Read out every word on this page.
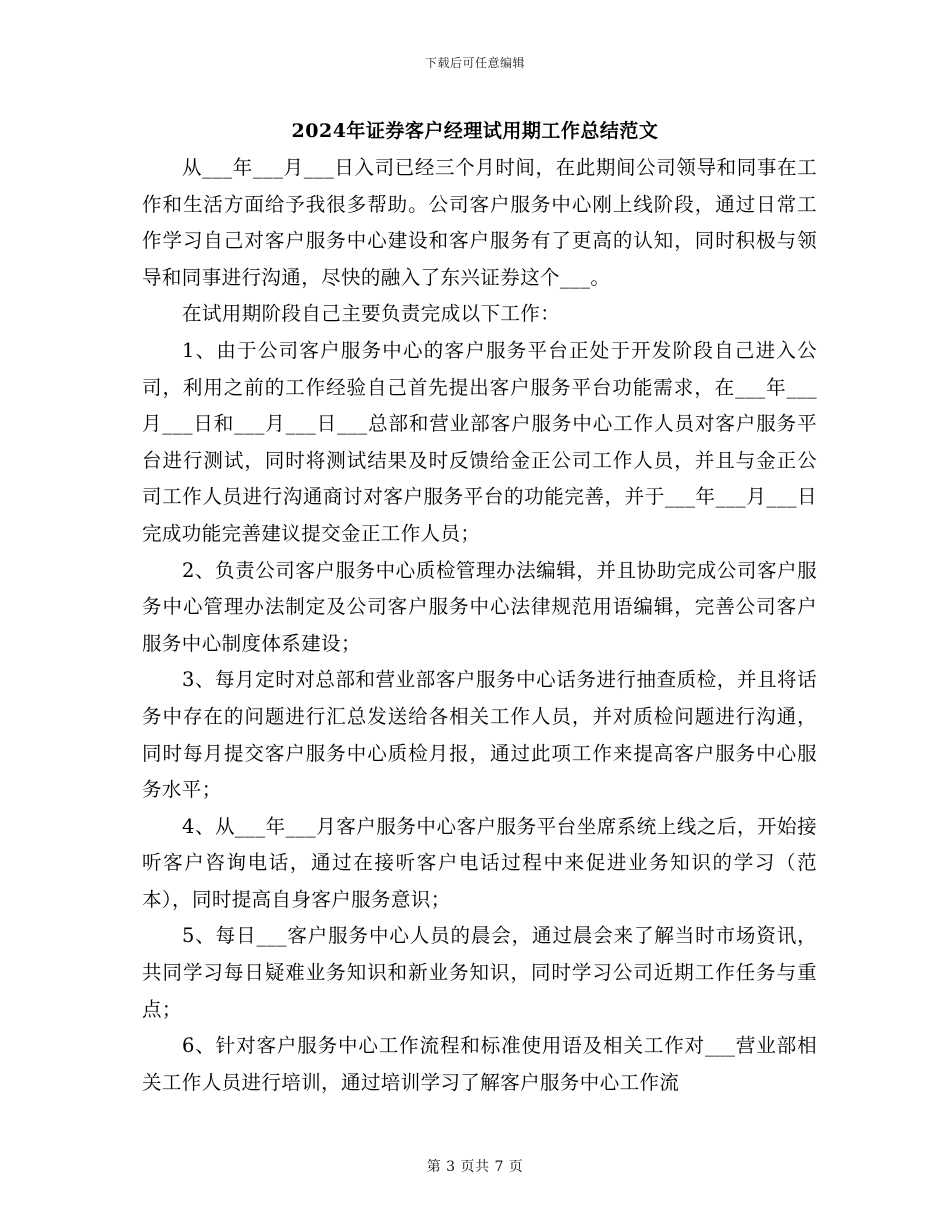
下载后可任意编辑
2024年证券客户经理试用期工作总结范文

从___年___月___日入司已经三个月时间，在此期间公司领导和同事在工作和生活方面给予我很多帮助。公司客户服务中心刚上线阶段，通过日常工作学习自己对客户服务中心建设和客户服务有了更高的认知，同时积极与领导和同事进行沟通，尽快的融入了东兴证券这个___。

在试用期阶段自己主要负责完成以下工作：

1、由于公司客户服务中心的客户服务平台正处于开发阶段自己进入公司，利用之前的工作经验自己首先提出客户服务平台功能需求，在___年___月___日和___月___日___总部和营业部客户服务中心工作人员对客户服务平台进行测试，同时将测试结果及时反馈给金正公司工作人员，并且与金正公司工作人员进行沟通商讨对客户服务平台的功能完善，并于___年___月___日完成功能完善建议提交金正工作人员；

2、负责公司客户服务中心质检管理办法编辑，并且协助完成公司客户服务中心管理办法制定及公司客户服务中心法律规范用语编辑，完善公司客户服务中心制度体系建设；

3、每月定时对总部和营业部客户服务中心话务进行抽查质检，并且将话务中存在的问题进行汇总发送给各相关工作人员，并对质检问题进行沟通，同时每月提交客户服务中心质检月报，通过此项工作来提高客户服务中心服务水平；

4、从___年___月客户服务中心客户服务平台坐席系统上线之后，开始接听客户咨询电话，通过在接听客户电话过程中来促进业务知识的学习（范本），同时提高自身客户服务意识；

5、每日___客户服务中心人员的晨会，通过晨会来了解当时市场资讯，共同学习每日疑难业务知识和新业务知识，同时学习公司近期工作任务与重点；

6、针对客户服务中心工作流程和标准使用语及相关工作对___营业部相关工作人员进行培训，通过培训学习了解客户服务中心工作流

第 3 页共 7 页
